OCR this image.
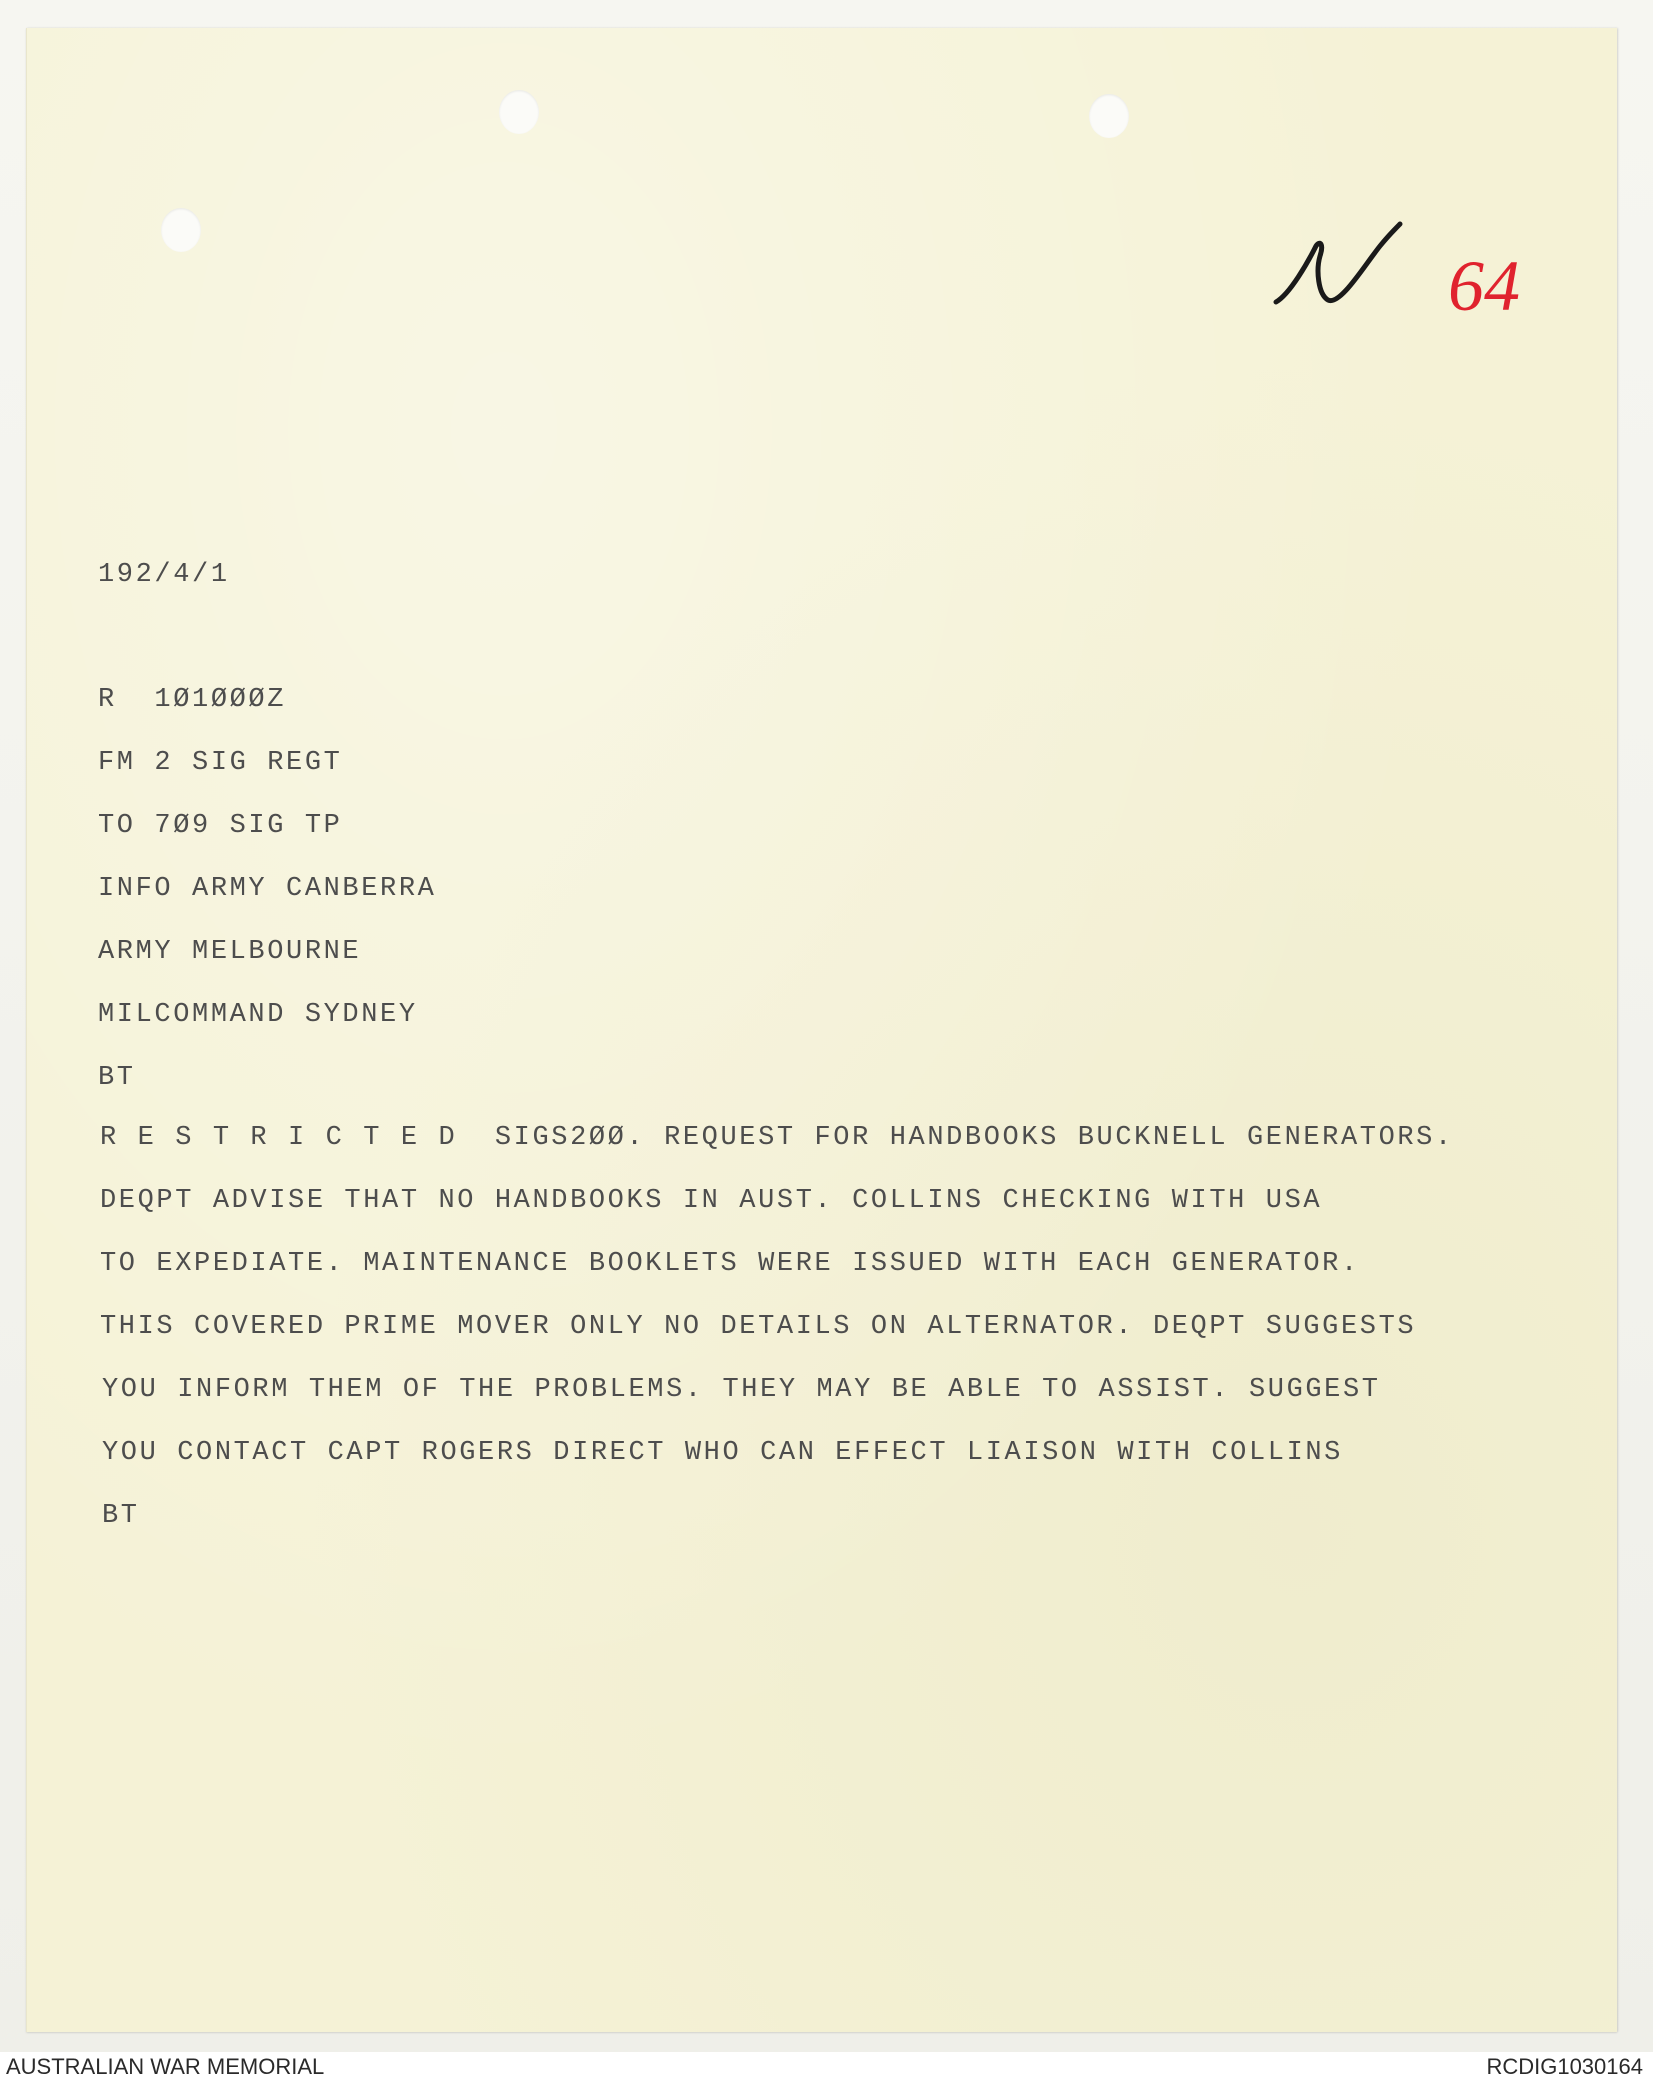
64
192/4/1
R  1Ø1ØØØZ
FM 2 SIG REGT
TO 7Ø9 SIG TP
INFO ARMY CANBERRA
ARMY MELBOURNE
MILCOMMAND SYDNEY
BT
R E S T R I C T E D  SIGS2ØØ. REQUEST FOR HANDBOOKS BUCKNELL GENERATORS.
DEQPT ADVISE THAT NO HANDBOOKS IN AUST. COLLINS CHECKING WITH USA
TO EXPEDIATE. MAINTENANCE BOOKLETS WERE ISSUED WITH EACH GENERATOR.
THIS COVERED PRIME MOVER ONLY NO DETAILS ON ALTERNATOR. DEQPT SUGGESTS
YOU INFORM THEM OF THE PROBLEMS. THEY MAY BE ABLE TO ASSIST. SUGGEST
YOU CONTACT CAPT ROGERS DIRECT WHO CAN EFFECT LIAISON WITH COLLINS
BT
AUSTRALIAN WAR MEMORIAL	RCDIG1030164
